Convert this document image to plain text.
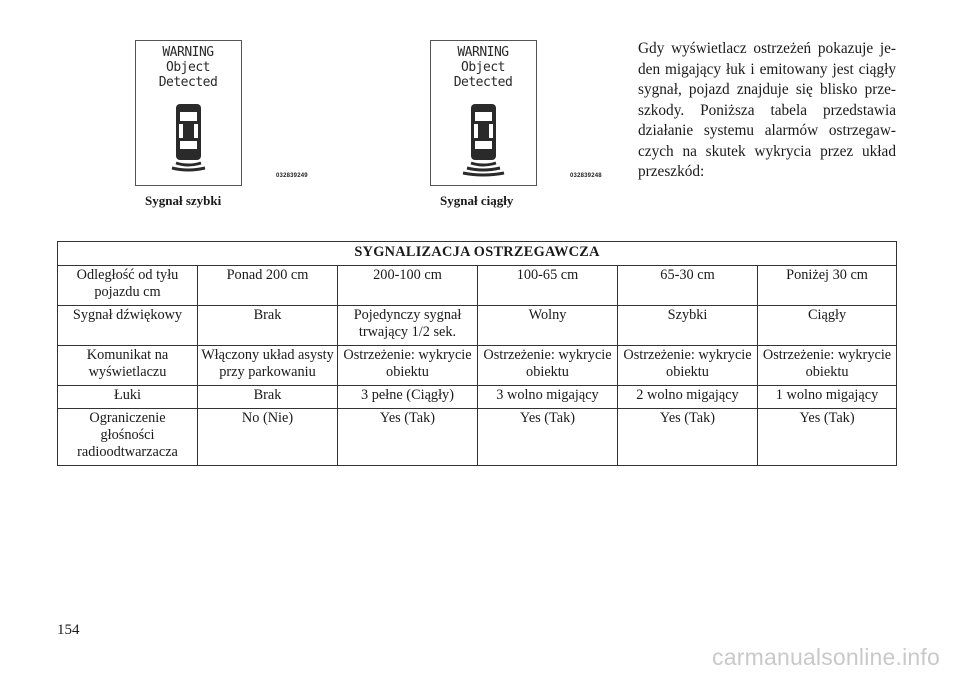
WARNING
Object
Detected
032839249
Sygnał szybki
WARNING
Object
Detected
032839248
Sygnał ciągły

Gdy wyświetlacz ostrzeżeń pokazuje je-den migający łuk i emitowany jest ciągły sygnał, pojazd znajduje się blisko prze-szkody. Poniższa tabela przedstawia działanie systemu alarmów ostrzegaw-czych na skutek wykrycia przez układ przeszkód:

SYGNALIZACJA OSTRZEGAWCZA					
Odległość od tyłu pojazdu cm	Ponad 200 cm	200-100 cm	100-65 cm	65-30 cm	Poniżej 30 cm
Sygnał dźwiękowy	Brak	Pojedynczy sygnał trwający 1/2 sek.	Wolny	Szybki	Ciągły
Komunikat na wyświetlaczu	Włączony układ asysty przy parkowaniu	Ostrzeżenie: wykrycie obiektu	Ostrzeżenie: wykrycie obiektu	Ostrzeżenie: wykrycie obiektu	Ostrzeżenie: wykrycie obiektu
Łuki	Brak	3 pełne (Ciągły)	3 wolno migający	2 wolno migający	1 wolno migający
Ograniczenie głośności radioodtwarzacza	No (Nie)	Yes (Tak)	Yes (Tak)	Yes (Tak)	Yes (Tak)
154
carmanualsonline.info
